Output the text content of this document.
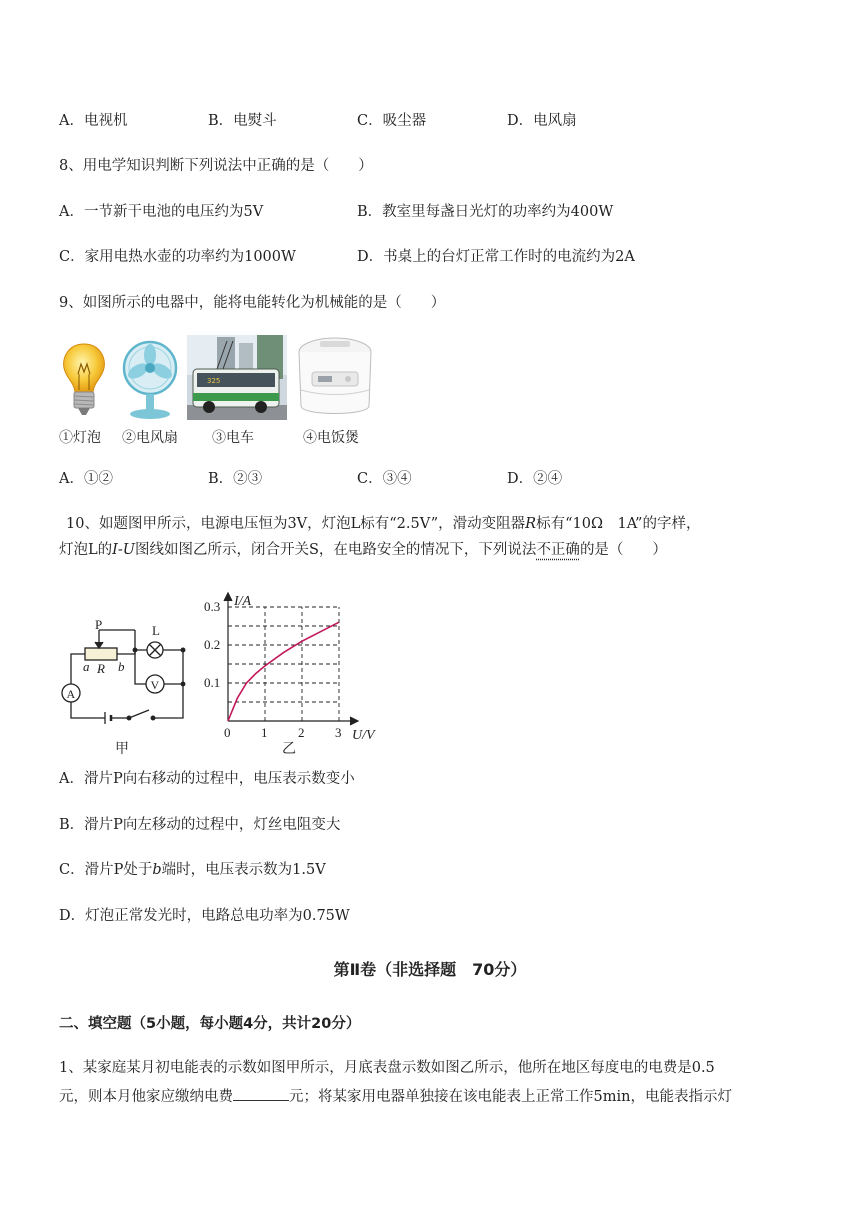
A．电视机	B．电熨斗	C．吸尘器	D．电风扇
8、用电学知识判断下列说法中正确的是（　　）
A．一节新干电池的电压约为5V	B．教室里每盏日光灯的功率约为400W
C．家用电热水壶的功率约为1000W	D．书桌上的台灯正常工作时的电流约为2A
9、如图所示的电器中，能将电能转化为机械能的是（　　）
325
①灯泡 ②电风扇 ③电车	④电饭煲
A．①②	B．②③	C．③④	D．②④
10、如题图甲所示，电源电压恒为3V，灯泡L标有“2.5V”，滑动变阻器R标有“10Ω　1A”的字样，
灯泡L的I-U图线如图乙所示，闭合开关S，在电路安全的情况下，下列说法不正确的是（　　）
P	L
a R b
A
V
甲
0.3
0.2
0.1
0 1 2 3
I/A
U/V
乙
A．滑片P向右移动的过程中，电压表示数变小
B．滑片P向左移动的过程中，灯丝电阻变大
C．滑片P处于b端时，电压表示数为1.5V
D．灯泡正常发光时，电路总电功率为0.75W
第Ⅱ卷（非选择题　70分）
二、填空题（5小题，每小题4分，共计20分）
1、某家庭某月初电能表的示数如图甲所示，月底表盘示数如图乙所示，他所在地区每度电的电费是0.5
元，则本月他家应缴纳电费	元；将某家用电器单独接在该电能表上正常工作5min，电能表指示灯
